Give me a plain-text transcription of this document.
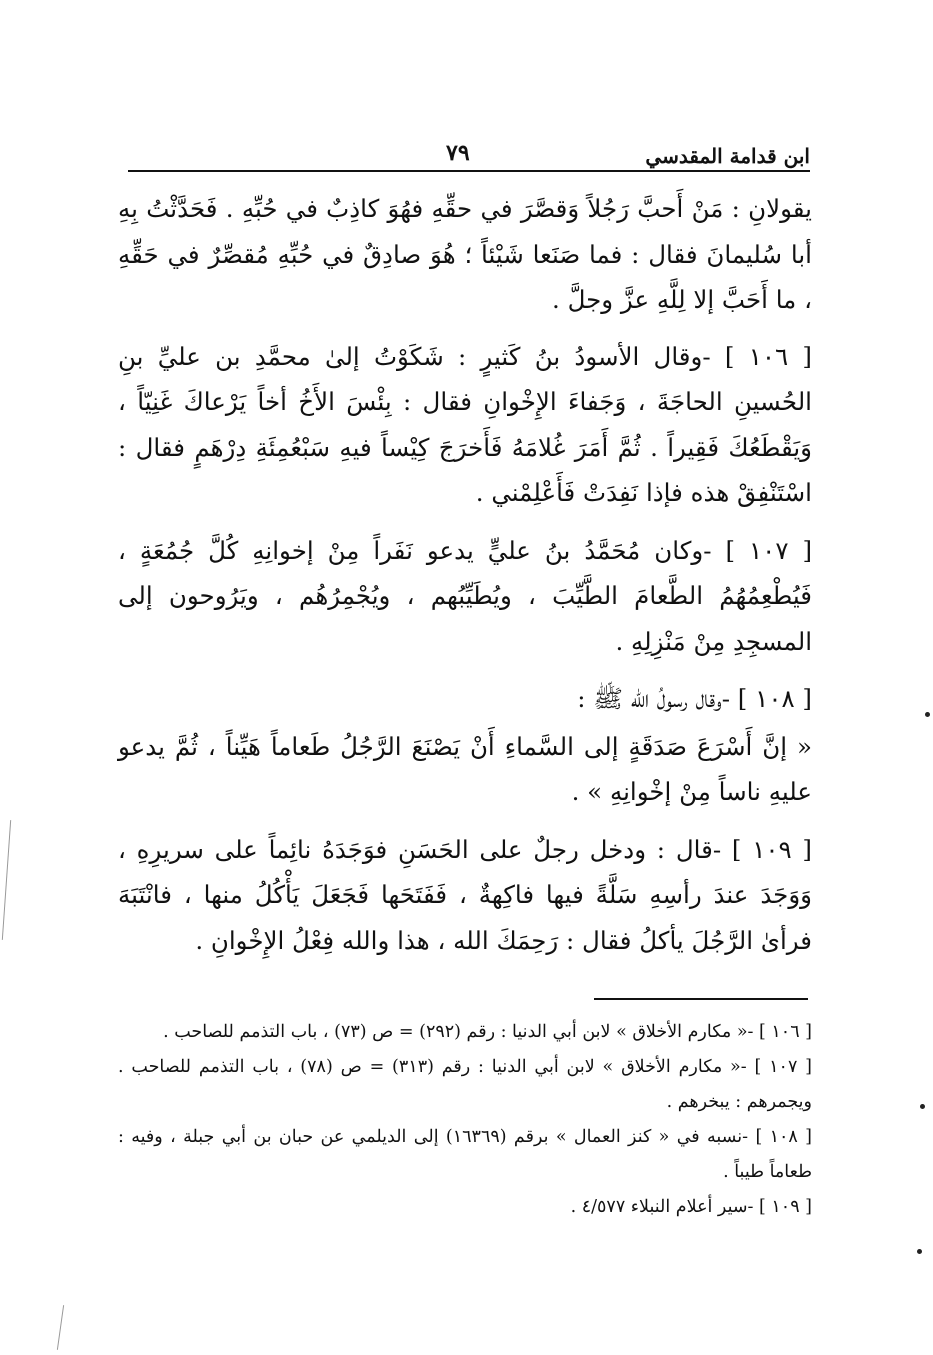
ابن قدامة المقدسي
٧٩

يقولانِ : مَنْ أَحبَّ رَجُلاً وَقصَّرَ في حقِّهِ فهُوَ كاذِبٌ في حُبِّهِ . فَحَدَّثْتُ بِهِ أبا سُليمانَ فقال : فما صَنَعا شَيْئاً ؛ هُوَ صادِقٌ في حُبِّهِ مُقصِّرٌ في حَقِّهِ ، ما أَحَبَّ إلا لِلَّهِ عزَّ وجلَّ .

[ ١٠٦ ] -وقال الأسودُ بنُ كَثيرٍ : شَكَوْتُ إلىٰ محمَّدِ بن عليِّ بنِ الحُسينِ الحاجَةَ ، وَجَفاءَ الإِخْوانِ فقال : بِئْسَ الأَخُ أخاً يَرْعاكَ غَنِيّاً ، وَيَقْطَعُكَ فَقِيراً . ثُمَّ أَمَرَ غُلامَهُ فَأَخرَجَ كِيْساً فيهِ سَبْعُمِئَةِ دِرْهَمٍ فقال : اسْتَنْفِقْ هذه فإذا نَفِدَتْ فَأَعْلِمْني .

[ ١٠٧ ] -وكان مُحَمَّدُ بنُ عليٍّ يدعو نَفَراً مِنْ إخوانِهِ كُلَّ جُمُعَةٍ ، فَيُطْعِمُهُمُ الطَّعامَ الطَّيِّبَ ، ويُطَيِّبُهم ، ويُجْمِرُهُم ، ويَرُوحون إلى المسجِدِ مِنْ مَنْزِلِهِ .

[ ١٠٨ ] -وقال رسولُ الله ﷺ :

« إنَّ أَسْرَعَ صَدَقَةٍ إلى السَّماءِ أَنْ يَصْنَعَ الرَّجُلُ طَعاماً هَيِّناً ، ثُمَّ يدعو عليهِ ناساً مِنْ إخْوانِهِ » .

[ ١٠٩ ] -قال : ودخل رجلٌ على الحَسَنِ فوَجَدَهُ نائِماً على سريرِهِ ، وَوَجَدَ عندَ رأسِهِ سَلَّةً فيها فاكِهةٌ ، فَفَتَحَها فَجَعَلَ يَأْكُلُ منها ، فانْتَبَهَ فرأىٰ الرَّجُلَ يأكلُ فقال : رَحِمَكَ الله ، هذا والله فِعْلُ الإِخْوانِ .

[ ١٠٦ ] -« مكارم الأخلاق » لابن أبي الدنيا : رقم (٢٩٢) = ص (٧٣) ، باب التذمم للصاحب .

[ ١٠٧ ] -« مكارم الأخلاق » لابن أبي الدنيا : رقم (٣١٣) = ص (٧٨) ، باب التذمم للصاحب . ويجمرهم : يبخرهم .

[ ١٠٨ ] -نسبه في « كنز العمال » برقم (١٦٣٦٩) إلى الديلمي عن حبان بن أبي جبلة ، وفيه : طعاماً طيباً .

[ ١٠٩ ] -سير أعلام النبلاء ٤/٥٧٧ .
